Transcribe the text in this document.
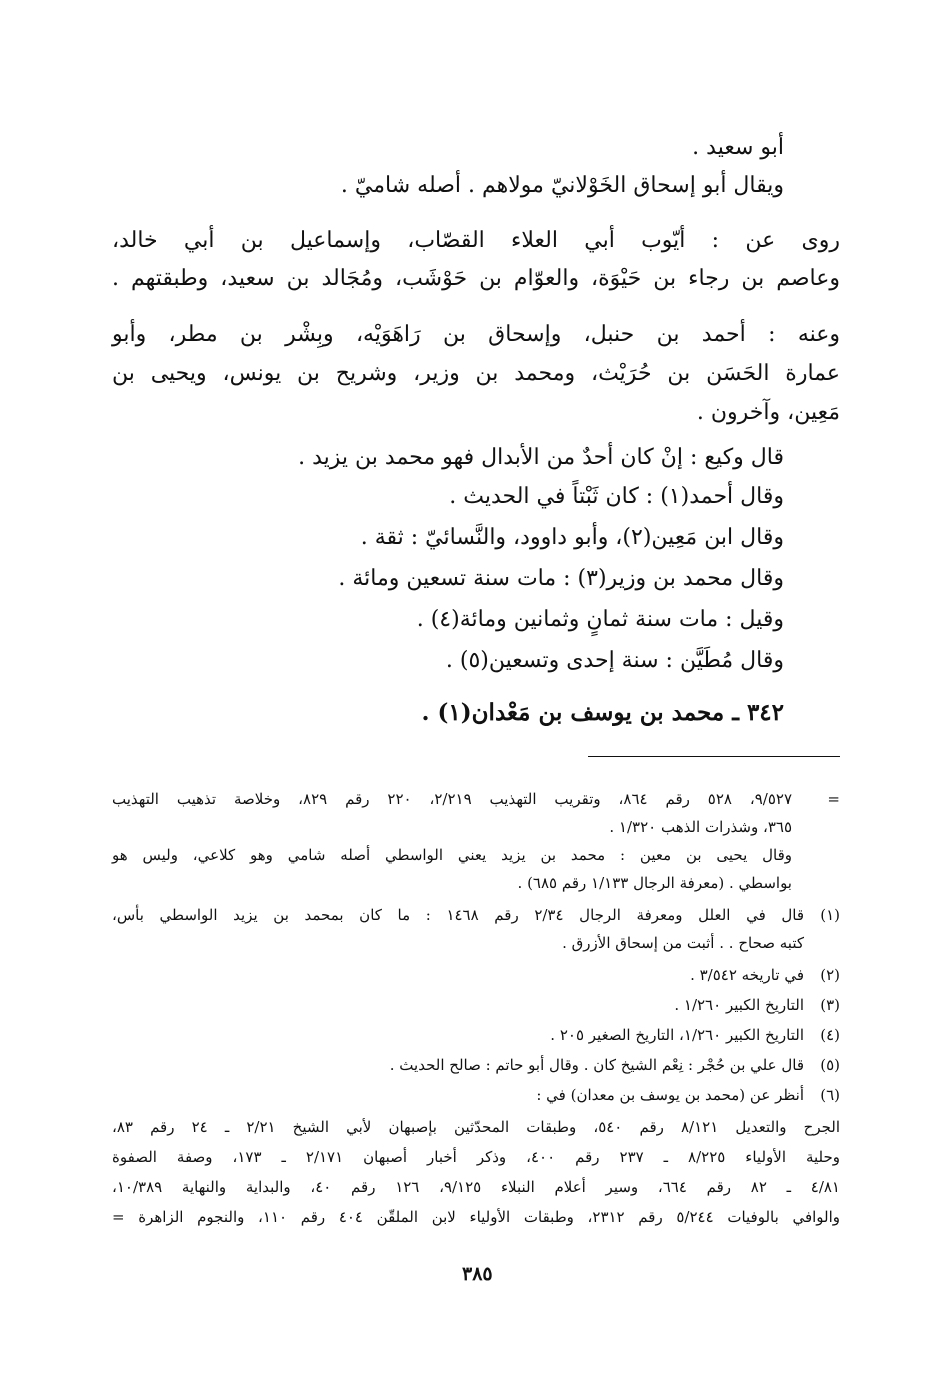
أبو سعيد .

ويقال أبو إسحاق الخَوْلانيّ مولاهم . أصله شاميّ .

روى عن : أيّوب أبي العلاء القصّاب، وإسماعيل بن أبي خالد،

وعاصم بن رجاء بن حَيْوَة، والعوّام بن حَوْشَب، ومُجَالد بن سعيد، وطبقتهم .

وعنه : أحمد بن حنبل، وإسحاق بن رَاهَوَيْه، وبِشْر بن مطر، وأبو

عمارة الحَسَن بن حُرَيْث، ومحمد بن وزير، وشريح بن يونس، ويحيى بن

مَعِين، وآخرون .

قال وكيع : إنْ كان أحدٌ من الأبدال فهو محمد بن يزيد .

وقال أحمد(١) : كان ثَبْتاً في الحديث .

وقال ابن مَعِين(٢)، وأبو داوود، والنَّسائيّ : ثقة .

وقال محمد بن وزير(٣) : مات سنة تسعين ومائة .

وقيل : مات سنة ثمانٍ وثمانين ومائة(٤) .

وقال مُطَيَّن : سنة إحدى وتسعين(٥) .

٣٤٢ ـ محمد بن يوسف بن مَعْدان(١) .

=

٩/٥٢٧، ٥٢٨ رقم ٨٦٤، وتقريب التهذيب ٢/٢١٩، ٢٢٠ رقم ٨٢٩، وخلاصة تذهيب التهذيب

٣٦٥، وشذرات الذهب ١/٣٢٠ .

وقال يحيى بن معين : محمد بن يزيد يعني الواسطي أصله شامي وهو كلاعي، وليس هو

بواسطي . (معرفة الرجال ١/١٣٣ رقم ٦٨٥) .

(١)

قال في العلل ومعرفة الرجال ٢/٣٤ رقم ١٤٦٨ : ما كان بمحمد بن يزيد الواسطي بأس،

كتبه صحاح . . أثبت من إسحاق الأزرق .

(٢)

في تاريخه ٣/٥٤٢ .

(٣)

التاريخ الكبير ١/٢٦٠ .

(٤)

التاريخ الكبير ١/٢٦٠، التاريخ الصغير ٢٠٥ .

(٥)

قال علي بن حُجْر : نِعْم الشيخ كان . وقال أبو حاتم : صالح الحديث .

(٦)

أنظر عن (محمد بن يوسف بن معدان) في :

الجرح والتعديل ٨/١٢١ رقم ٥٤٠، وطبقات المحدّثين بإصبهان لأبي الشيخ ٢/٢١ ـ ٢٤ رقم ٨٣،

وحلية الأولياء ٨/٢٢٥ ـ ٢٣٧ رقم ٤٠٠، وذكر أخبار أصبهان ٢/١٧١ ـ ١٧٣، وصفة الصفوة

٤/٨١ ـ ٨٢ رقم ٦٦٤، وسير أعلام النبلاء ٩/١٢٥، ١٢٦ رقم ٤٠، والبداية والنهاية ١٠/٣٨٩،

والوافي بالوفيات ٥/٢٤٤ رقم ٢٣١٢، وطبقات الأولياء لابن الملقّن ٤٠٤ رقم ١١٠، والنجوم الزاهرة =

٣٨٥
